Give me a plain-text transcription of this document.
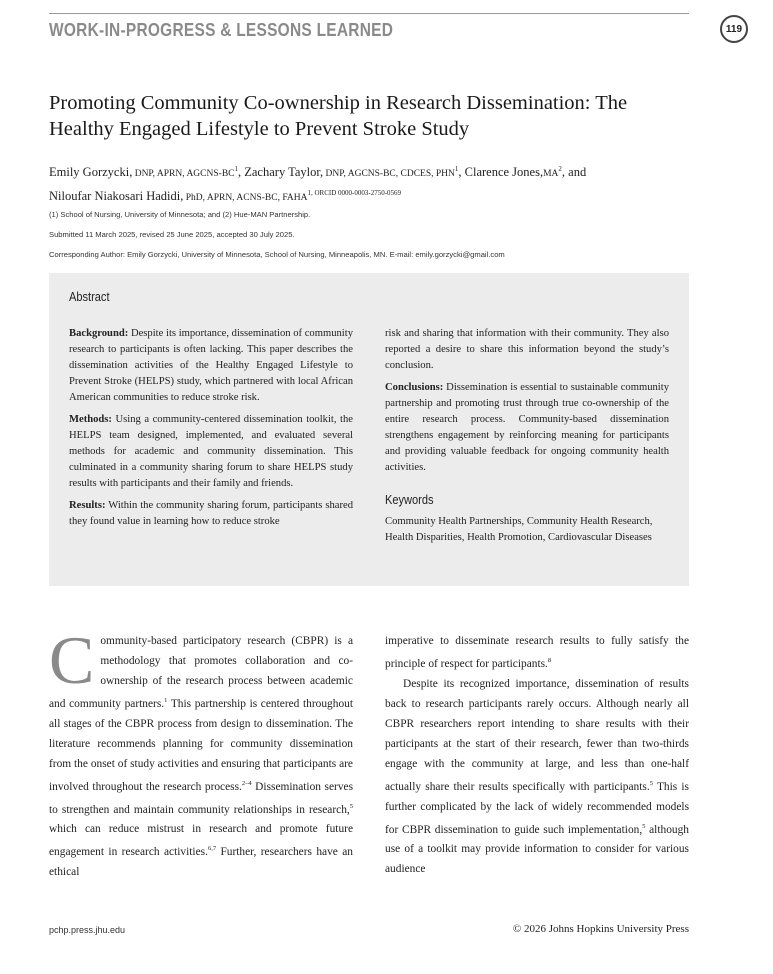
WORK-IN-PROGRESS & LESSONS LEARNED	119
Promoting Community Co-ownership in Research Dissemination: The Healthy Engaged Lifestyle to Prevent Stroke Study
Emily Gorzycki, DNP, APRN, AGCNS-$BC^1$, Zachary Taylor, DNP, AGCNS-BC, CDCES, PHN$^1$, Clarence $Jones,MA^2$, and
Niloufar Niakosari Hadidi, PhD, APRN, ACNS-BC, $FAHA^{1, ORCID 0000-0003-2750-0569}$
(1) School of Nursing, University of Minnesota; and (2) Hue-MAN Partnership.
Submitted 11 March 2025, revised 25 June 2025, accepted 30 July 2025.
Corresponding Author: Emily Gorzycki, University of Minnesota, School of Nursing, Minneapolis, MN. E-mail: emily.gorzycki@gmail.com
Abstract

Background: Despite its importance, dissemination of community research to participants is often lacking. This paper describes the dissemination activities of the Healthy Engaged Lifestyle to Prevent Stroke (HELPS) study, which partnered with local African American communities to reduce stroke risk.

Methods: Using a community-centered dissemination toolkit, the HELPS team designed, implemented, and evaluated several methods for academic and community dissemination. This culminated in a community sharing forum to share HELPS study results with participants and their family and friends.

Results: Within the community sharing forum, participants shared they found value in learning how to reduce stroke

risk and sharing that information with their community. They also reported a desire to share this information beyond the study’s conclusion.

Conclusions: Dissemination is essential to sustainable community partnership and promoting trust through true co-ownership of the entire research process. Community-based dissemination strengthens engagement by reinforcing meaning for participants and providing valuable feedback for ongoing community health activities.

Keywords
Community Health Partnerships, Community Health Research, Health Disparities, Health Promotion, Cardiovascular Diseases

Community-based participatory research (CBPR) is a methodology that promotes collaboration and co-ownership of the research process between academic and community partners.$^1$ This partnership is centered throughout all stages of the CBPR process from design to dissemination. The literature recommends planning for community dissemination from the onset of study activities and ensuring that participants are involved throughout the research process.$^{2-4}$ Dissemination serves to strengthen and maintain community relationships in research,$^5$ which can reduce mistrust in research and promote future engagement in research activities.$^{6,7}$ Further, researchers have an ethical

imperative to disseminate research results to fully satisfy the principle of respect for participants.$^8$

Despite its recognized importance, dissemination of results back to research participants rarely occurs. Although nearly all CBPR researchers report intending to share results with their participants at the start of their research, fewer than two-thirds engage with the community at large, and less than one-half actually share their results specifically with participants.$^5$ This is further complicated by the lack of widely recommended models for CBPR dissemination to guide such implementation,$^5$ although use of a toolkit may provide information to consider for various audience

pchp.press.jhu.edu	© 2026 Johns Hopkins University Press
